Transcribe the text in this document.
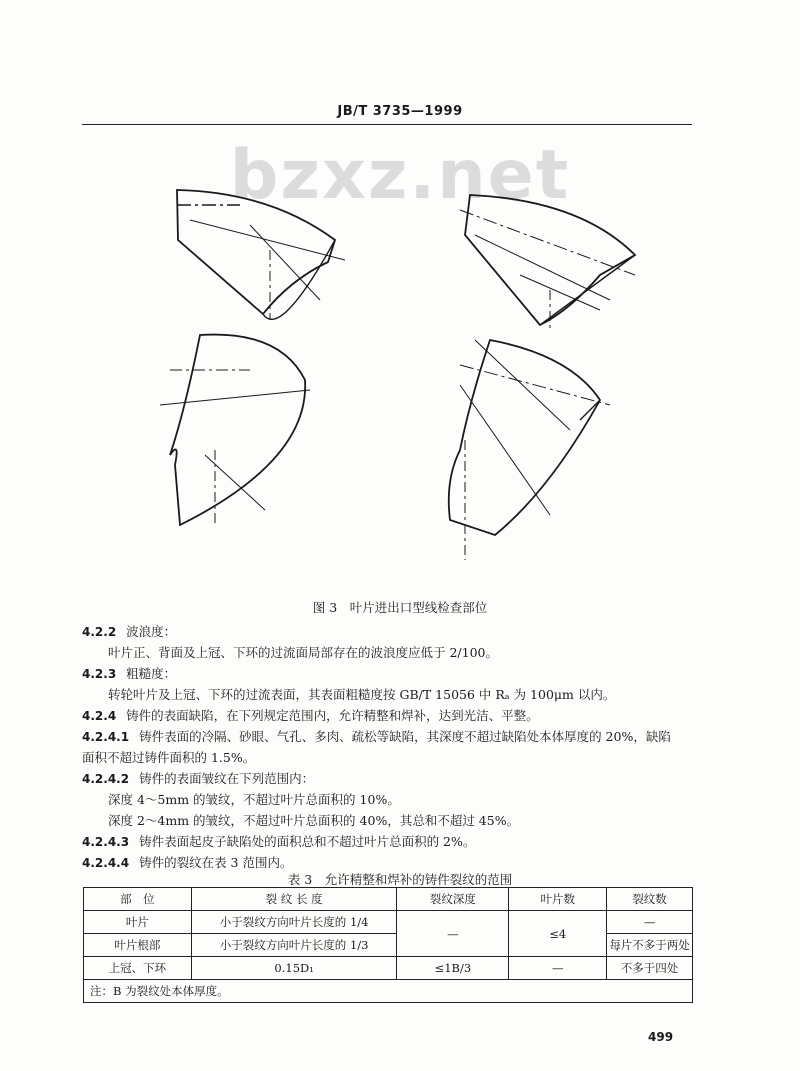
JB/T 3735—1999
bzxz.net
图 3　叶片进出口型线检查部位
4.2.2 波浪度：
叶片正、背面及上冠、下环的过流面局部存在的波浪度应低于 2/100。
4.2.3 粗糙度：
转轮叶片及上冠、下环的过流表面，其表面粗糙度按 GB/T 15056 中 Rₐ 为 100μm 以内。
4.2.4 铸件的表面缺陷，在下列规定范围内，允许精整和焊补，达到光洁、平整。
4.2.4.1 铸件表面的冷隔、砂眼、气孔、多肉、疏松等缺陷，其深度不超过缺陷处本体厚度的 20%，缺陷
面积不超过铸件面积的 1.5%。
4.2.4.2 铸件的表面皱纹在下列范围内：
深度 4～5mm 的皱纹，不超过叶片总面积的 10%。
深度 2～4mm 的皱纹，不超过叶片总面积的 40%，其总和不超过 45%。
4.2.4.3 铸件表面起皮子缺陷处的面积总和不超过叶片总面积的 2%。
4.2.4.4 铸件的裂纹在表 3 范围内。
表 3　允许精整和焊补的铸件裂纹的范围
部　位	裂 纹 长 度	裂纹深度	叶片数	裂纹数
叶片	小于裂纹方向叶片长度的 1/4	—	≤4	—
叶片根部	小于裂纹方向叶片长度的 1/3			每片不多于两处
上冠、下环	0.15D₁	≤1B/3	—	不多于四处
注：B 为裂纹处本体厚度。				
499
